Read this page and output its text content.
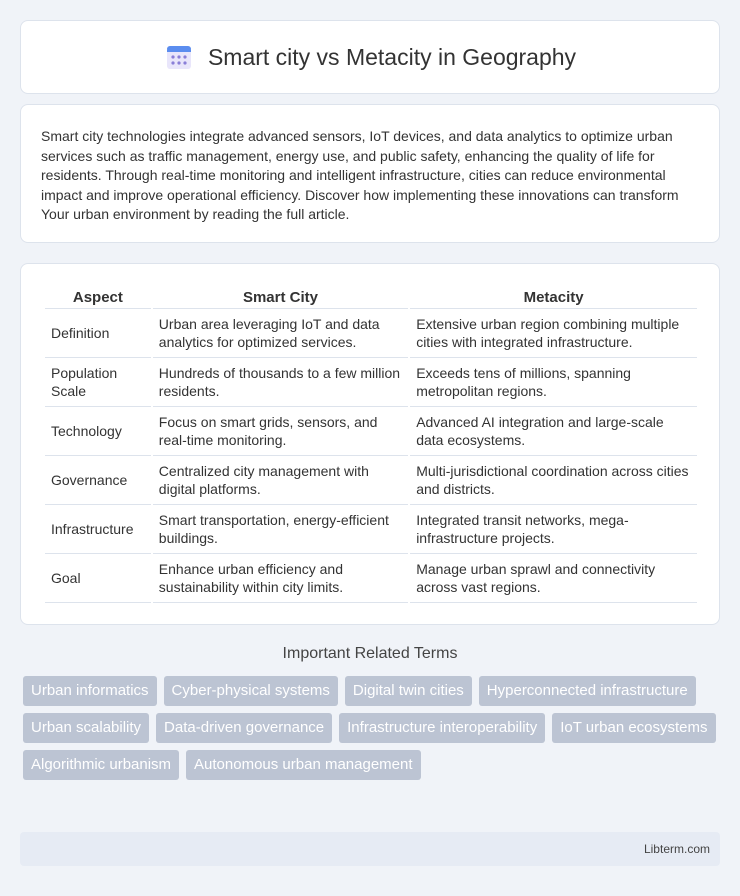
Smart city vs Metacity in Geography

Smart city technologies integrate advanced sensors, IoT devices, and data analytics to optimize urban services such as traffic management, energy use, and public safety, enhancing the quality of life for residents. Through real-time monitoring and intelligent infrastructure, cities can reduce environmental impact and improve operational efficiency. Discover how implementing these innovations can transform Your urban environment by reading the full article.

Aspect	Smart City	Metacity
Definition	Urban area leveraging IoT and data analytics for optimized services.	Extensive urban region combining multiple cities with integrated infrastructure.
Population Scale	Hundreds of thousands to a few million residents.	Exceeds tens of millions, spanning metropolitan regions.
Technology	Focus on smart grids, sensors, and real-time monitoring.	Advanced AI integration and large-scale data ecosystems.
Governance	Centralized city management with digital platforms.	Multi-jurisdictional coordination across cities and districts.
Infrastructure	Smart transportation, energy-efficient buildings.	Integrated transit networks, mega-infrastructure projects.
Goal	Enhance urban efficiency and sustainability within city limits.	Manage urban sprawl and connectivity across vast regions.
Important Related Terms
Urban informatics	Cyber-physical systems	Digital twin cities	Hyperconnected infrastructure
Urban scalability	Data-driven governance	Infrastructure interoperability	IoT urban ecosystems
Algorithmic urbanism	Autonomous urban management
Libterm.com
